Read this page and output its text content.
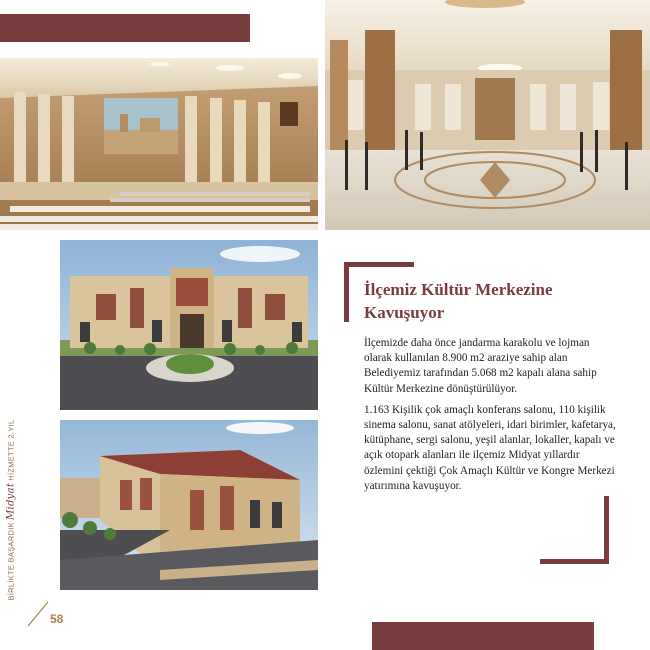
İlçemiz Kültür Merkezine Kavuşuyor

İlçemizde daha önce jandarma karakolu ve lojman olarak kullanılan 8.900 m2 araziye sahip alan Belediyemiz tarafından 5.068 m2 kapalı alana sahip Kültür Merkezine dönüştürülüyor.

1.163 Kişilik çok amaçlı konferans salonu, 110 kişilik sinema salonu, sanat atölyeleri, idari birimler, kafetarya, kütüphane, sergi salonu, yeşil alanlar, lokaller, kapalı ve açık otopark alanları ile ilçemiz Midyat yıllardır özlemini çektiği Çok Amaçlı Kültür ve Kongre Merkezi yatırımına kavuşuyor.

BİRLİKTE BAŞARDIKMidyatHİZMETTE 2.YIL
58
